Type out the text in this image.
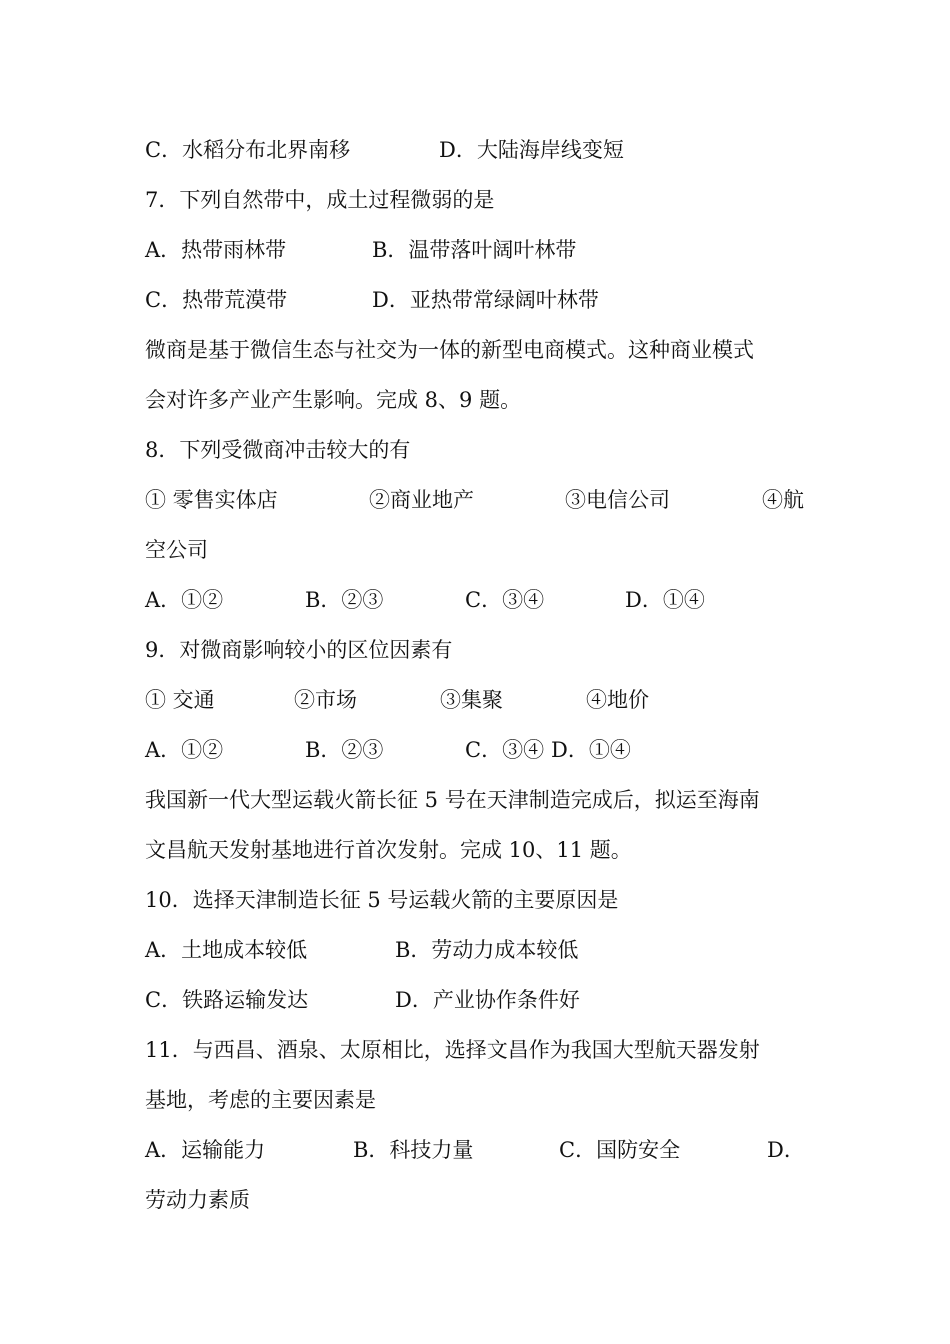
C．水稻分布北界南移	D．大陆海岸线变短
7．下列自然带中，成土过程微弱的是
A．热带雨林带	B．温带落叶阔叶林带
C．热带荒漠带	D．亚热带常绿阔叶林带
微商是基于微信生态与社交为一体的新型电商模式。这种商业模式
会对许多产业产生影响。完成 8、9 题。
8．下列受微商冲击较大的有
① 零售实体店	②商业地产	③电信公司	④航
空公司
A．①②	B．②③	C．③④	D．①④
9．对微商影响较小的区位因素有
① 交通	②市场	③集聚	④地价
A．①②	B．②③	C．③④ D．①④
我国新一代大型运载火箭长征 5 号在天津制造完成后，拟运至海南
文昌航天发射基地进行首次发射。完成 10、11 题。
10．选择天津制造长征 5 号运载火箭的主要原因是
A．土地成本较低	B．劳动力成本较低
C．铁路运输发达	D．产业协作条件好
11．与西昌、酒泉、太原相比，选择文昌作为我国大型航天器发射
基地，考虑的主要因素是
A．运输能力	B．科技力量	C．国防安全	D．
劳动力素质
